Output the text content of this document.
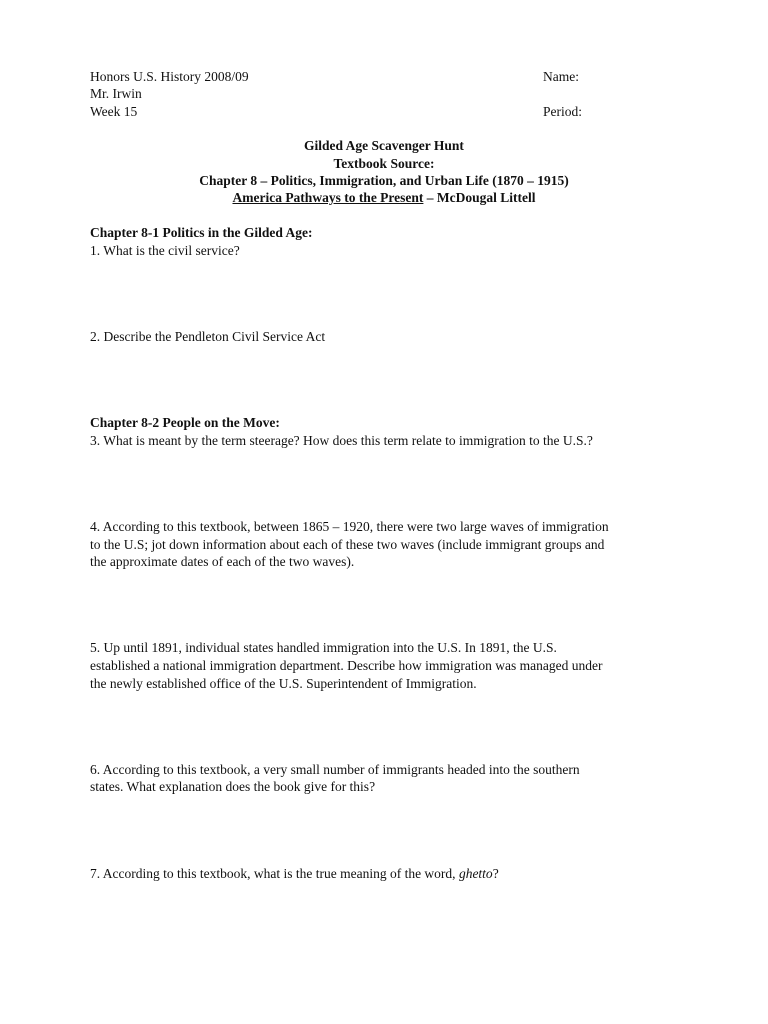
Honors U.S. History 2008/09
Mr. Irwin
Week 15
Name:
Period:
Gilded Age Scavenger Hunt
Textbook Source:
Chapter 8 – Politics, Immigration, and Urban Life (1870 – 1915)
America Pathways to the Present – McDougal Littell
Chapter 8-1 Politics in the Gilded Age:
1. What is the civil service?
2. Describe the Pendleton Civil Service Act
Chapter 8-2 People on the Move:
3. What is meant by the term steerage? How does this term relate to immigration to the U.S.?
4. According to this textbook, between 1865 – 1920, there were two large waves of immigration
to the U.S; jot down information about each of these two waves (include immigrant groups and
the approximate dates of each of the two waves).
5. Up until 1891, individual states handled immigration into the U.S. In 1891, the U.S.
established a national immigration department. Describe how immigration was managed under
the newly established office of the U.S. Superintendent of Immigration.
6. According to this textbook, a very small number of immigrants headed into the southern
states. What explanation does the book give for this?
7. According to this textbook, what is the true meaning of the word, ghetto?
